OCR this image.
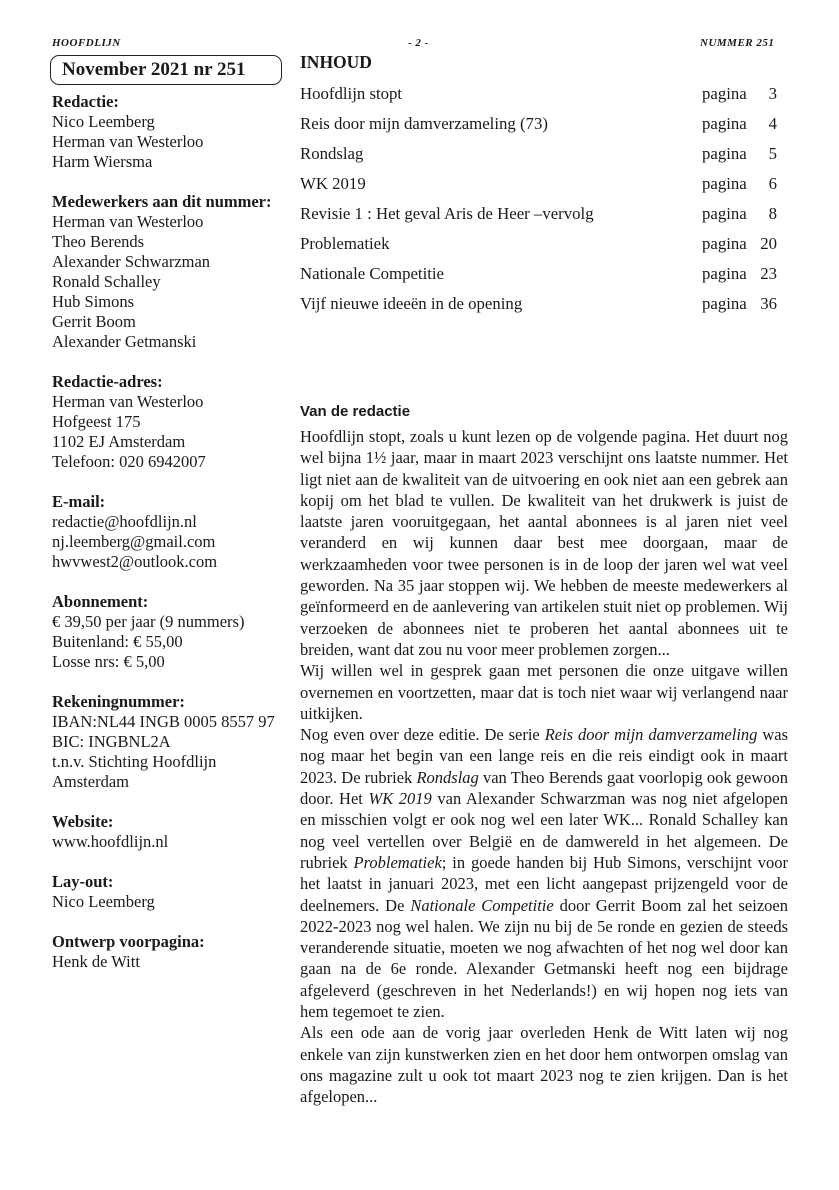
HOOFDLIJN	- 2 -	NUMMER 251
November 2021 nr 251
Redactie:
Nico Leemberg
Herman van Westerloo
Harm Wiersma
Medewerkers aan dit nummer:
Herman van Westerloo
Theo Berends
Alexander Schwarzman
Ronald Schalley
Hub Simons
Gerrit Boom
Alexander Getmanski
Redactie-adres:
Herman van Westerloo
Hofgeest 175
1102 EJ Amsterdam
Telefoon: 020 6942007
E-mail:
redactie@hoofdlijn.nl
nj.leemberg@gmail.com
hwvwest2@outlook.com
Abonnement:
€ 39,50 per jaar (9 nummers)
Buitenland: € 55,00
Losse nrs: € 5,00
Rekeningnummer:
IBAN:NL44 INGB 0005 8557 97
BIC: INGBNL2A
t.n.v. Stichting Hoofdlijn
Amsterdam
Website:
www.hoofdlijn.nl
Lay-out:
Nico Leemberg
Ontwerp voorpagina:
Henk de Witt
INHOUD
Hoofdlijn stopt	pagina 3
Reis door mijn damverzameling (73)	pagina 4
Rondslag	pagina 5
WK 2019	pagina 6
Revisie 1 : Het geval Aris de Heer –vervolg	pagina 8
Problematiek	pagina 20
Nationale Competitie	pagina 23
Vijf nieuwe ideeën in de opening	pagina 36
Van de redactie

Hoofdlijn stopt, zoals u kunt lezen op de volgende pagina. Het duurt nog wel bijna 1½ jaar, maar in maart 2023 verschijnt ons laatste nummer. Het ligt niet aan de kwaliteit van de uitvoering en ook niet aan een gebrek aan kopij om het blad te vullen. De kwaliteit van het drukwerk is juist de laatste jaren vooruitgegaan, het aantal abonnees is al jaren niet veel veranderd en wij kunnen daar best mee doorgaan, maar de werkzaamheden voor twee personen is in de loop der jaren wel wat veel geworden. Na 35 jaar stoppen wij. We hebben de meeste medewerkers al geïnformeerd en de aanlevering van artikelen stuit niet op problemen. Wij verzoeken de abonnees niet te proberen het aantal abonnees uit te breiden, want dat zou nu voor meer problemen zorgen...

Wij willen wel in gesprek gaan met personen die onze uitgave willen overnemen en voortzetten, maar dat is toch niet waar wij verlangend naar uitkijken.

Nog even over deze editie. De serie Reis door mijn damverzameling was nog maar het begin van een lange reis en die reis eindigt ook in maart 2023. De rubriek Rondslag van Theo Berends gaat voorlopig ook gewoon door. Het WK 2019 van Alexander Schwarzman was nog niet afgelopen en misschien volgt er ook nog wel een later WK... Ronald Schalley kan nog veel vertellen over België en de damwereld in het algemeen. De rubriek Problematiek; in goede handen bij Hub Simons, verschijnt voor het laatst in januari 2023, met een licht aangepast prijzengeld voor de deelnemers. De Nationale Competitie door Gerrit Boom zal het seizoen 2022-2023 nog wel halen. We zijn nu bij de 5e ronde en gezien de steeds veranderende situatie, moeten we nog afwachten of het nog wel door kan gaan na de 6e ronde. Alexander Getmanski heeft nog een bijdrage afgeleverd (geschreven in het Nederlands!) en wij hopen nog iets van hem tegemoet te zien.

Als een ode aan de vorig jaar overleden Henk de Witt laten wij nog enkele van zijn kunstwerken zien en het door hem ontworpen omslag van ons magazine zult u ook tot maart 2023 nog te zien krijgen. Dan is het afgelopen...
